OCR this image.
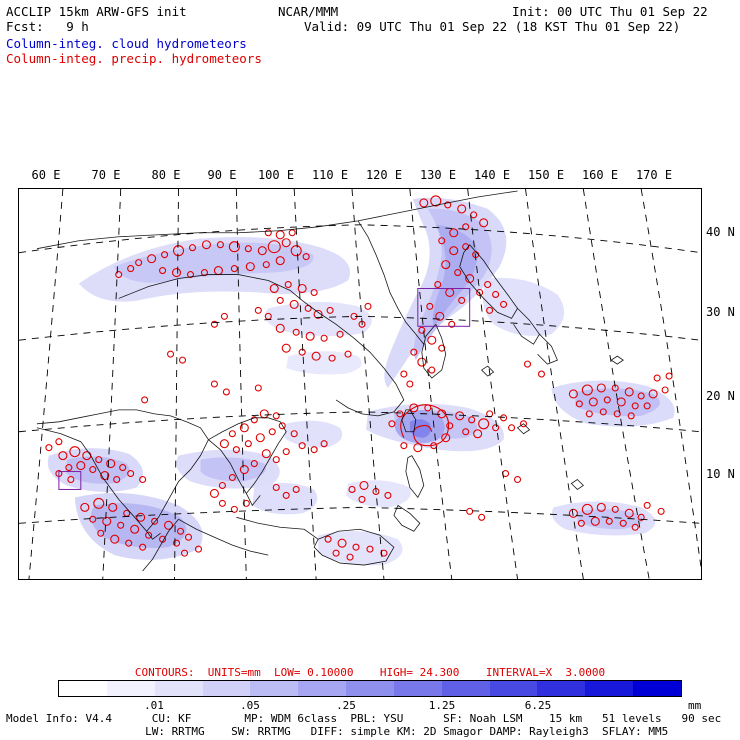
ACCLIP 15km ARW-GFS init
Fcst:   9 h
NCAR/MMM	Init: 00 UTC Thu 01 Sep 22
Valid: 09 UTC Thu 01 Sep 22 (18 KST Thu 01 Sep 22)
Column-integ. cloud hydrometeors
Column-integ. precip. hydrometeors
60 E	70 E	80 E 90 E 100 E 110 E 120 E 130 E 140 E 150 E 160 E 170 E
40 N
30 N
20 N
10 N
CONTOURS:  UNITS=mm  LOW= 0.10000    HIGH= 24.300    INTERVAL=X  3.0000
.01	.05	.25	1.25	6.25	mm
Model Info: V4.4      CU: KF        MP: WDM 6class  PBL: YSU      SF: Noah LSM    15 km   51 levels   90 sec
LW: RRTMG    SW: RRTMG   DIFF: simple KM: 2D Smagor DAMP: Rayleigh3  SFLAY: MM5
